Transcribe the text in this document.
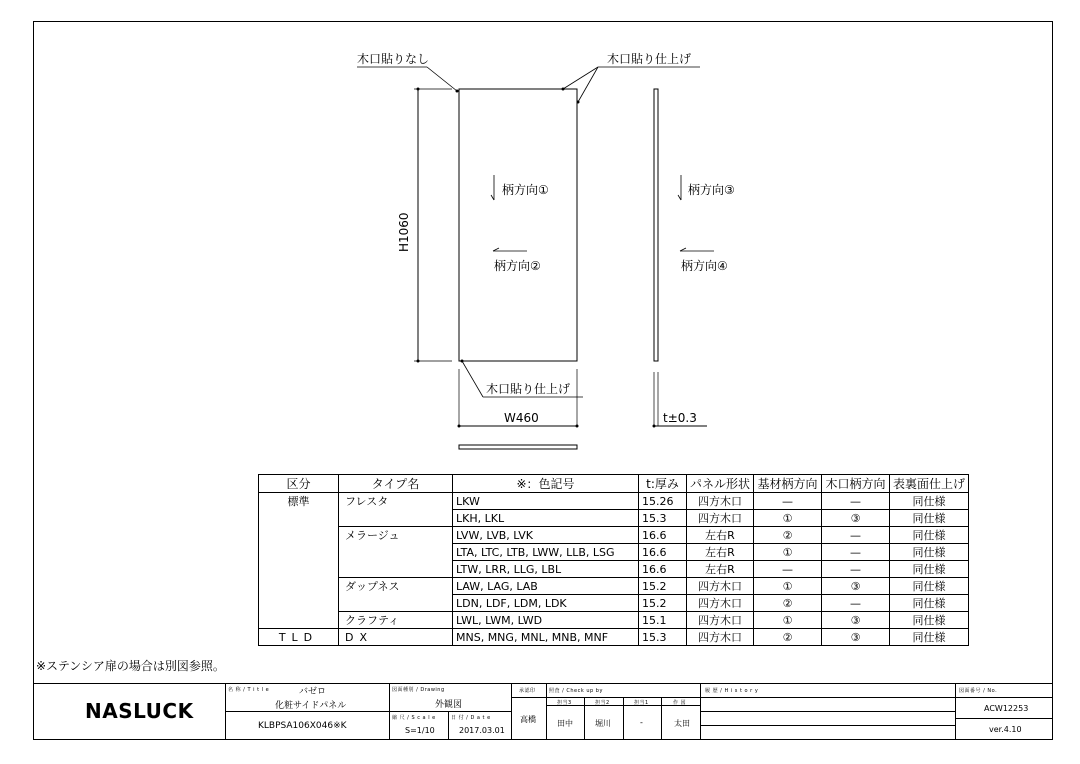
木口貼りなし	木口貼り仕上げ
木口貼り仕上げ
H1060
W460	t±0.3
柄方向①
柄方向②
柄方向③
柄方向④
区分	タイプ名	※：色記号	t:厚み	パネル形状	基材柄方向	木口柄方向	表裏面仕上げ
標準	フレスタ	LKW	15.26	四方木口	—	—	同仕様
		LKH, LKL	15.3	四方木口	①	③	同仕様
	メラージュ	LVW, LVB, LVK	16.6	左右R	②	—	同仕様
		LTA, LTC, LTB, LWW, LLB, LSG	16.6	左右R	①	—	同仕様
		LTW, LRR, LLG, LBL	16.6	左右R	—	—	同仕様
	ダップネス	LAW, LAG, LAB	15.2	四方木口	①	③	同仕様
		LDN, LDF, LDM, LDK	15.2	四方木口	②	—	同仕様
	クラフティ	LWL, LWM, LWD	15.1	四方木口	①	③	同仕様
TLD	DX	MNS, MNG, MNL, MNB, MNF	15.3	四方木口	②	③	同仕様
※ステンシア扉の場合は別図参照。
NASLUCK
名 称 / T i t l e	バゼロ
化粧サイドパネル
KLBPSA106X046※K
図面種別 / Drawing
外観図
縮 尺 / S c a l e
S=1/10
日 付 / D a t e
2017.03.01
承認印
高橋
照査 / Check up by
担当3	担当2	担当1	作 図
田中	堀川	-	太田
履 歴 / H i s t o r y	図面番号 / No.
ACW12253
ver.4.10
